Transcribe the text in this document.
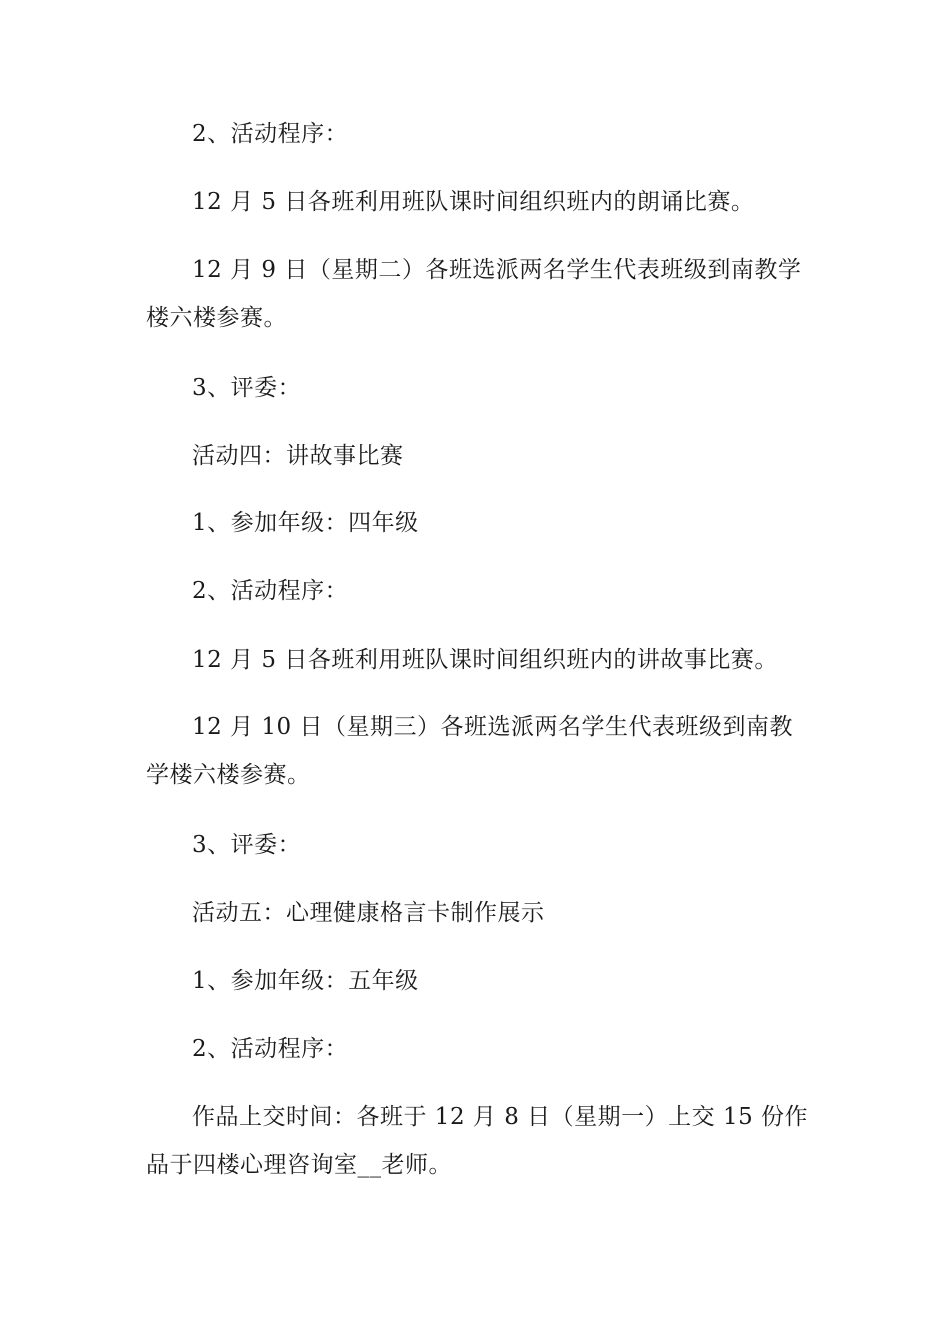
2、活动程序：

12 月 5 日各班利用班队课时间组织班内的朗诵比赛。

12 月 9 日（星期二）各班选派两名学生代表班级到南教学楼六楼参赛。

3、评委：

活动四：讲故事比赛

1、参加年级：四年级

2、活动程序：

12 月 5 日各班利用班队课时间组织班内的讲故事比赛。

12 月 10 日（星期三）各班选派两名学生代表班级到南教学楼六楼参赛。

3、评委：

活动五：心理健康格言卡制作展示

1、参加年级：五年级

2、活动程序：

作品上交时间：各班于 12 月 8 日（星期一）上交 15 份作品于四楼心理咨询室__老师。
